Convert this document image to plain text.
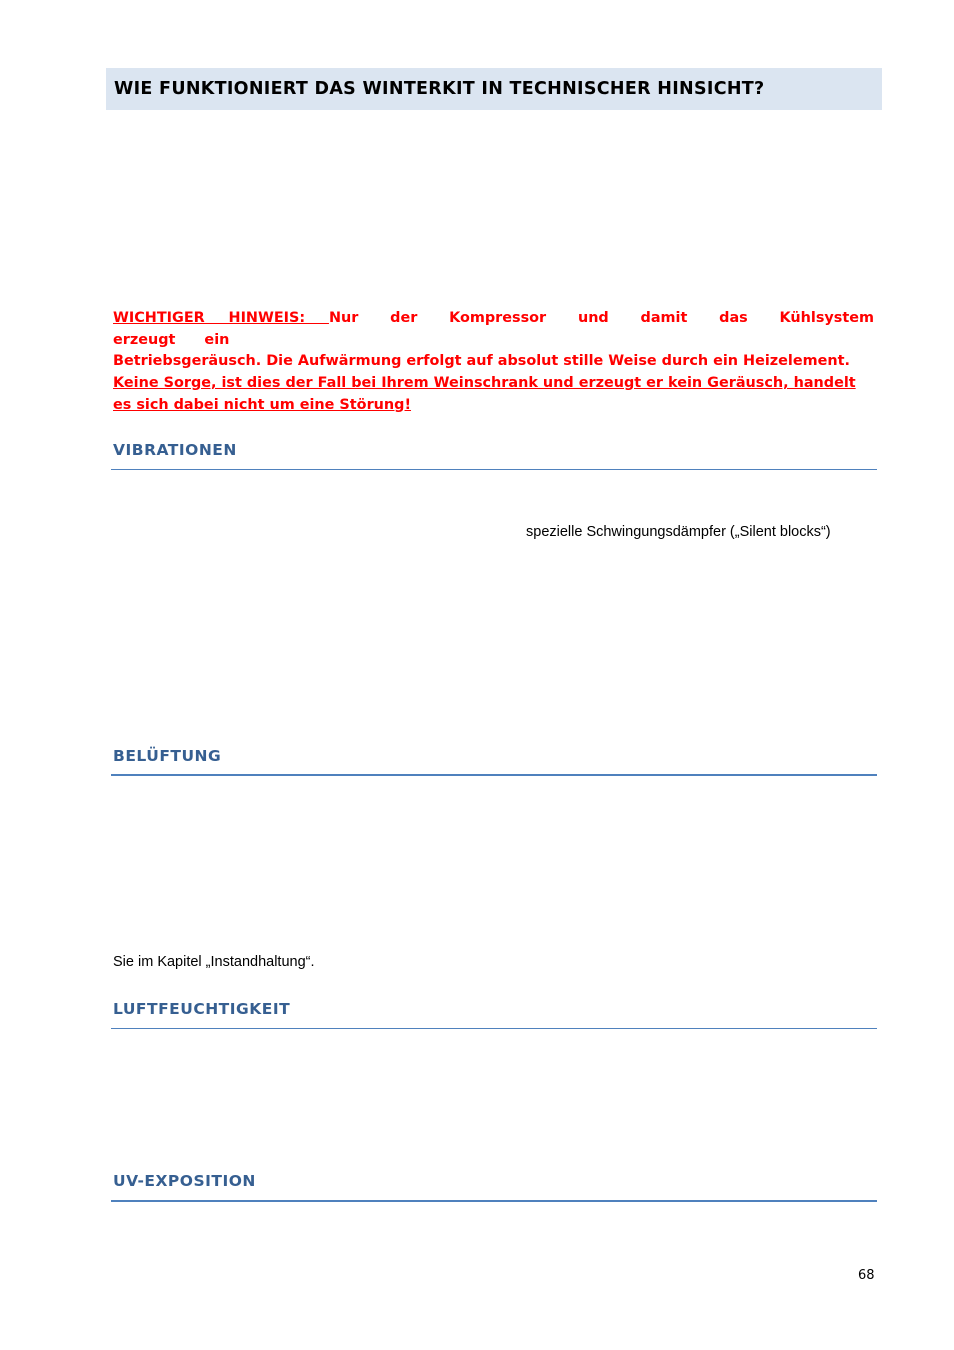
WIE FUNKTIONIERT DAS WINTERKIT IN TECHNISCHER HINSICHT?
WICHTIGER HINWEIS: Nur der Kompressor und damit das Kühlsystem erzeugt ein
Betriebsgeräusch. Die Aufwärmung erfolgt auf absolut stille Weise durch ein Heizelement.
Keine Sorge, ist dies der Fall bei Ihrem Weinschrank und erzeugt er kein Geräusch, handelt es sich dabei nicht um eine Störung!
VIBRATIONEN
spezielle Schwingungsdämpfer („Silent blocks“)
BELÜFTUNG
Sie im Kapitel „Instandhaltung“.
LUFTFEUCHTIGKEIT
UV-EXPOSITION
68
